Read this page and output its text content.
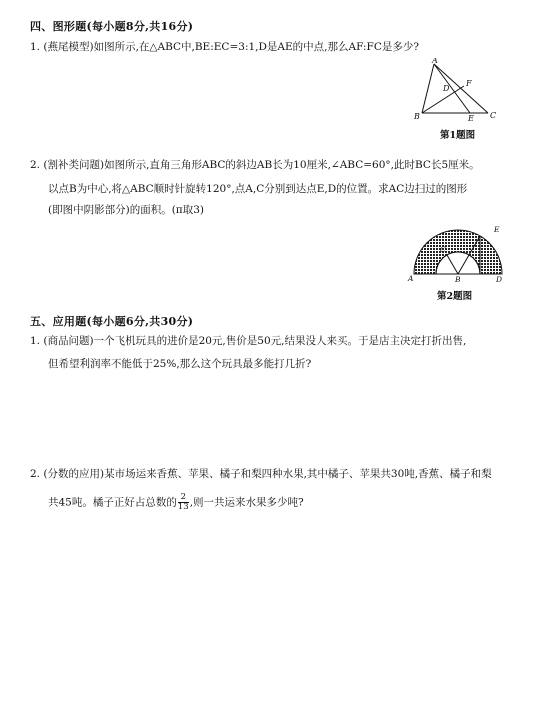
四、图形题(每小题8分,共16分)
1. (燕尾模型)如图所示,在△ABC中,BE:EC=3:1,D是AE的中点,那么AF:FC是多少?
A
B	C
D
E
F
第1题图
2. (割补类问题)如图所示,直角三角形ABC的斜边AB长为10厘米,∠ABC=60°,此时BC长5厘米。
以点B为中心,将△ABC顺时针旋转120°,点A,C分别到达点E,D的位置。求AC边扫过的图形
(即图中阴影部分)的面积。(π取3)
A	B
C
D
E
第2题图
五、应用题(每小题6分,共30分)
1. (商品问题)一个飞机玩具的进价是20元,售价是50元,结果没人来买。于是店主决定打折出售,
但希望利润率不能低于25%,那么这个玩具最多能打几折?
2. (分数的应用)某市场运来香蕉、苹果、橘子和梨四种水果,其中橘子、苹果共30吨,香蕉、橘子和梨
共45吨。橘子正好占总数的 $\frac{2}{13}$ ,则一共运来水果多少吨?
